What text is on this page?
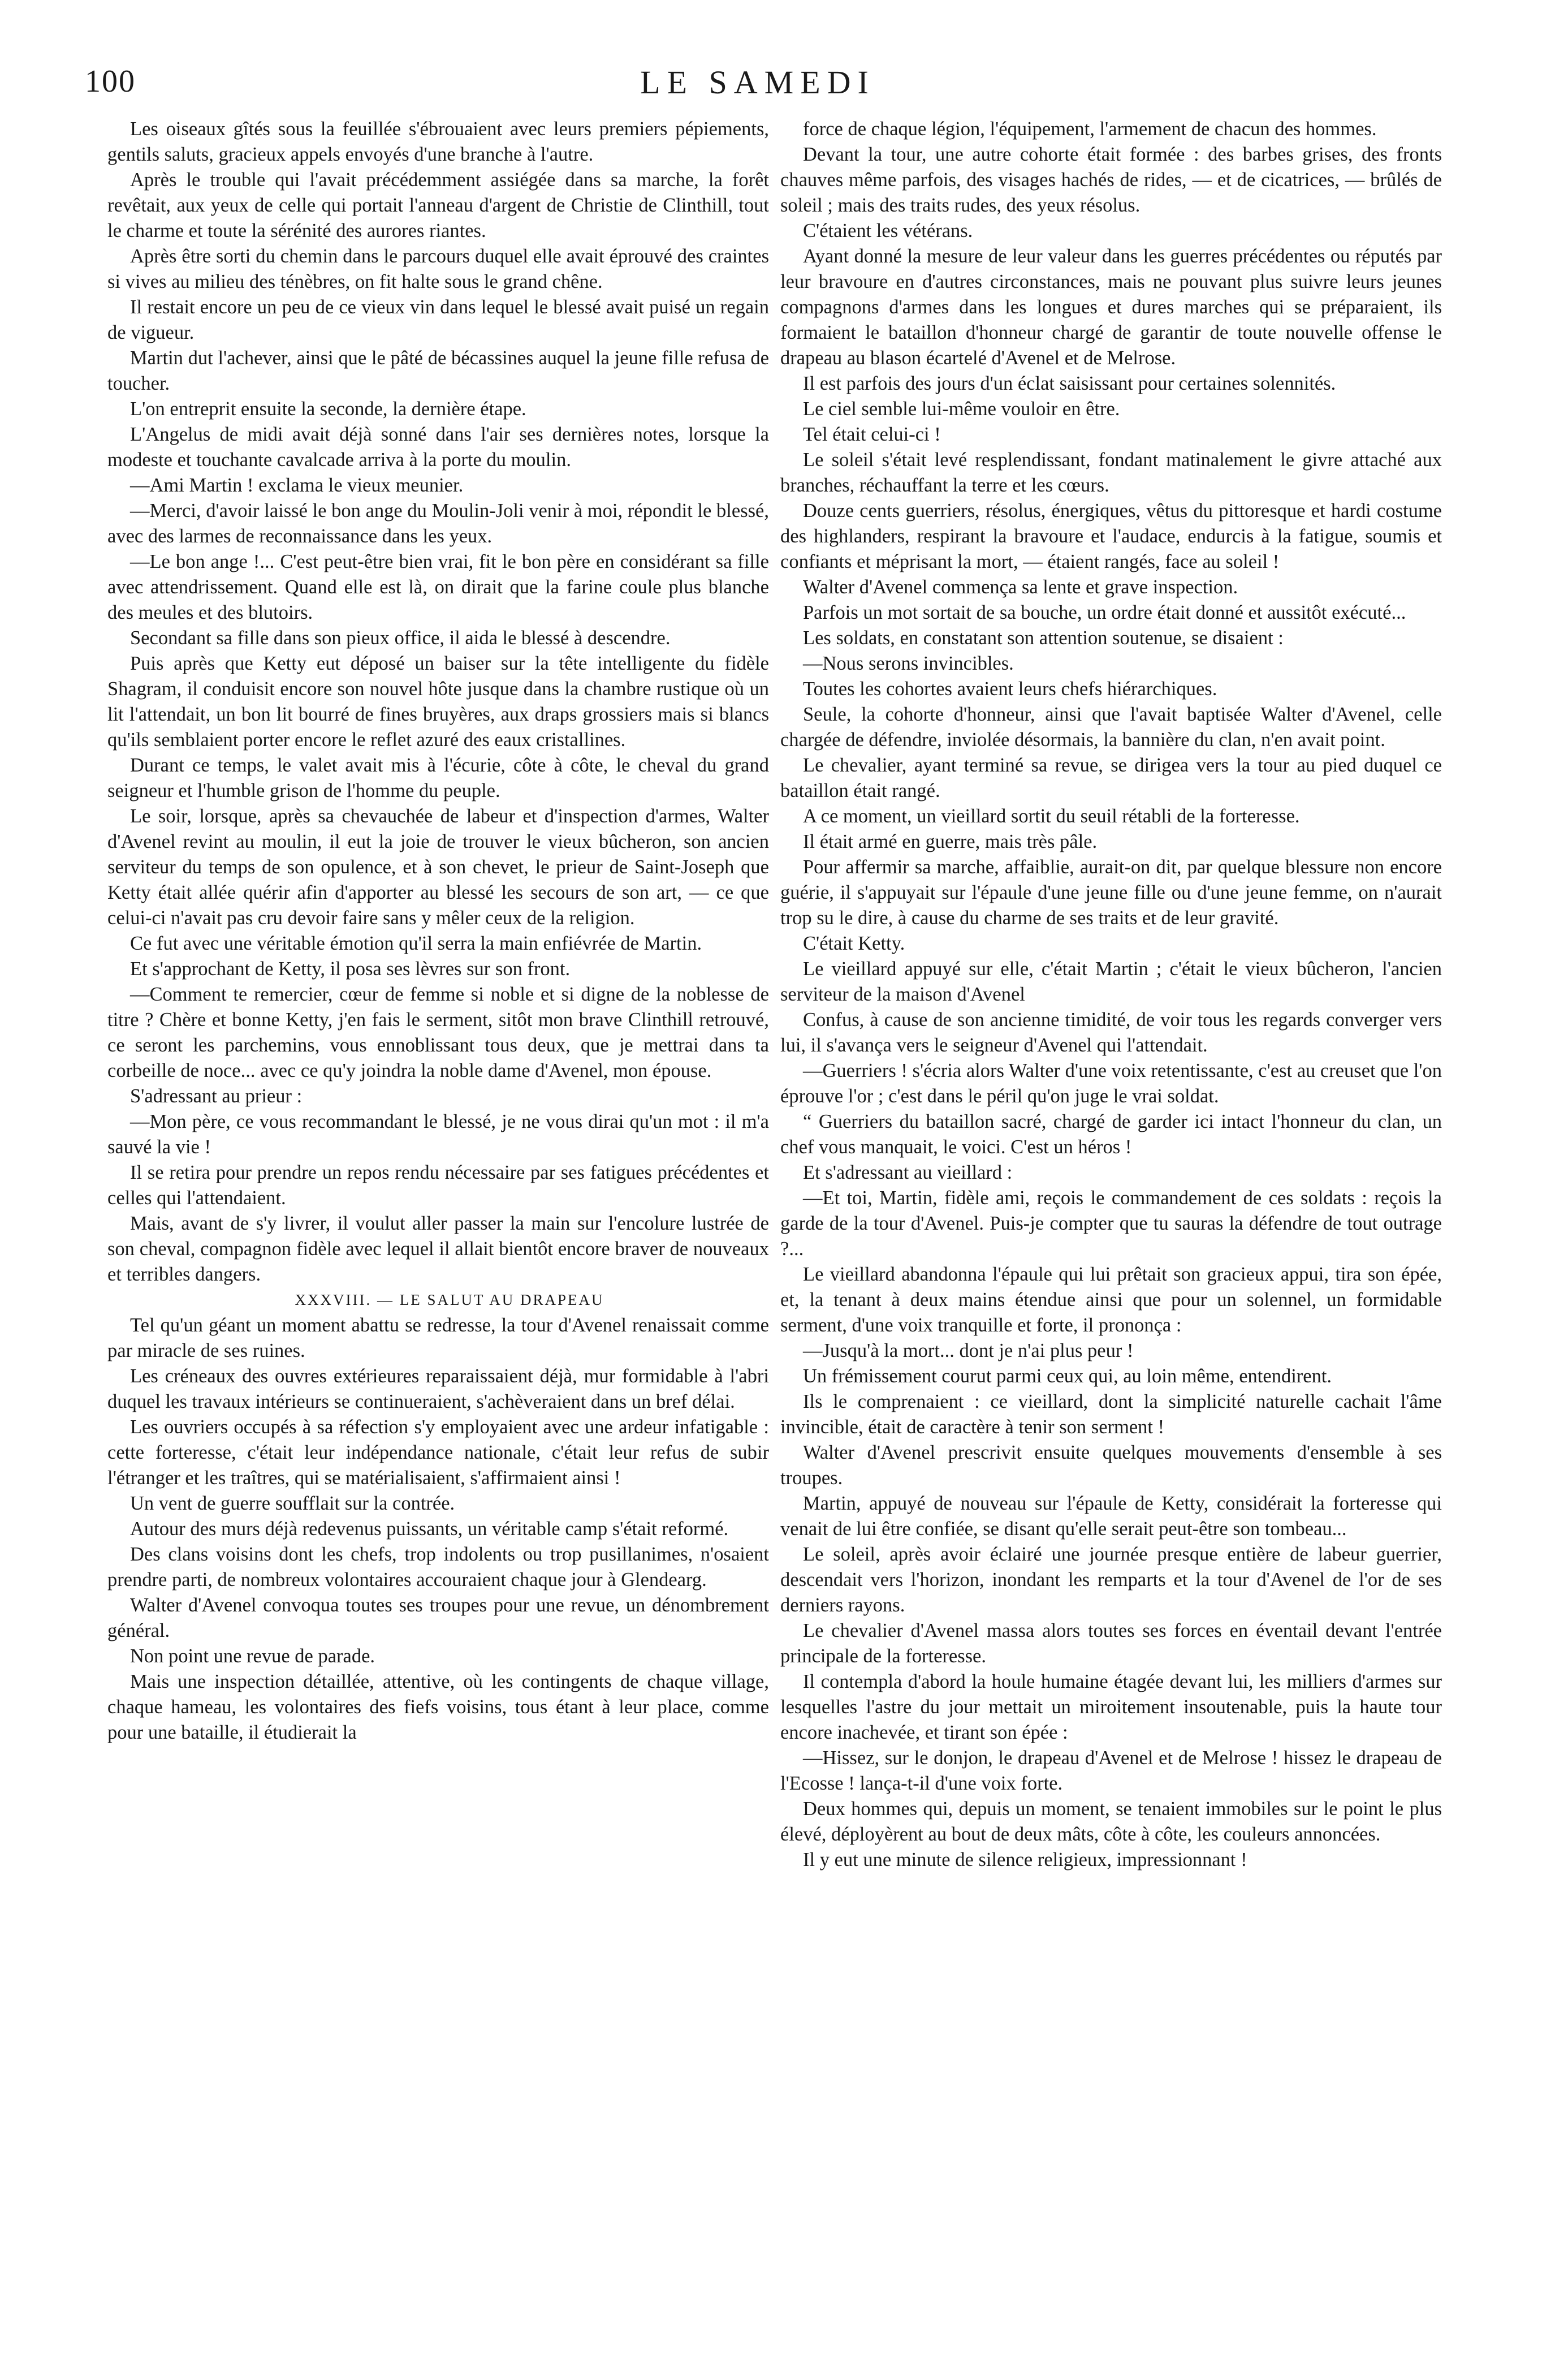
100	LE SAMEDI

Les oiseaux gîtés sous la feuillée s'ébrouaient avec leurs premiers pépiements, gentils saluts, gracieux appels envoyés d'une branche à l'autre.

Après le trouble qui l'avait précédemment assiégée dans sa marche, la forêt revêtait, aux yeux de celle qui portait l'anneau d'argent de Christie de Clinthill, tout le charme et toute la sérénité des aurores riantes.

Après être sorti du chemin dans le parcours duquel elle avait éprouvé des craintes si vives au milieu des ténèbres, on fit halte sous le grand chêne.

Il restait encore un peu de ce vieux vin dans lequel le blessé avait puisé un regain de vigueur.

Martin dut l'achever, ainsi que le pâté de bécassines auquel la jeune fille refusa de toucher.

L'on entreprit ensuite la seconde, la dernière étape.

L'Angelus de midi avait déjà sonné dans l'air ses dernières notes, lorsque la modeste et touchante cavalcade arriva à la porte du moulin.

—Ami Martin ! exclama le vieux meunier.

—Merci, d'avoir laissé le bon ange du Moulin-Joli venir à moi, répondit le blessé, avec des larmes de reconnaissance dans les yeux.

—Le bon ange !... C'est peut-être bien vrai, fit le bon père en considérant sa fille avec attendrissement. Quand elle est là, on dirait que la farine coule plus blanche des meules et des blutoirs.

Secondant sa fille dans son pieux office, il aida le blessé à descendre.

Puis après que Ketty eut déposé un baiser sur la tête intelligente du fidèle Shagram, il conduisit encore son nouvel hôte jusque dans la chambre rustique où un lit l'attendait, un bon lit bourré de fines bruyères, aux draps grossiers mais si blancs qu'ils semblaient porter encore le reflet azuré des eaux cristallines.

Durant ce temps, le valet avait mis à l'écurie, côte à côte, le cheval du grand seigneur et l'humble grison de l'homme du peuple.

Le soir, lorsque, après sa chevauchée de labeur et d'inspection d'armes, Walter d'Avenel revint au moulin, il eut la joie de trouver le vieux bûcheron, son ancien serviteur du temps de son opulence, et à son chevet, le prieur de Saint-Joseph que Ketty était allée quérir afin d'apporter au blessé les secours de son art, — ce que celui-ci n'avait pas cru devoir faire sans y mêler ceux de la religion.

Ce fut avec une véritable émotion qu'il serra la main enfiévrée de Martin.

Et s'approchant de Ketty, il posa ses lèvres sur son front.

—Comment te remercier, cœur de femme si noble et si digne de la noblesse de titre ? Chère et bonne Ketty, j'en fais le serment, sitôt mon brave Clinthill retrouvé, ce seront les parchemins, vous ennoblissant tous deux, que je mettrai dans ta corbeille de noce... avec ce qu'y joindra la noble dame d'Avenel, mon épouse.

S'adressant au prieur :

—Mon père, ce vous recommandant le blessé, je ne vous dirai qu'un mot : il m'a sauvé la vie !

Il se retira pour prendre un repos rendu nécessaire par ses fatigues précédentes et celles qui l'attendaient.

Mais, avant de s'y livrer, il voulut aller passer la main sur l'encolure lustrée de son cheval, compagnon fidèle avec lequel il allait bientôt encore braver de nouveaux et terribles dangers.

XXXVIII. — LE SALUT AU DRAPEAU

Tel qu'un géant un moment abattu se redresse, la tour d'Avenel renaissait comme par miracle de ses ruines.

Les créneaux des ouvres extérieures reparaissaient déjà, mur formidable à l'abri duquel les travaux intérieurs se continueraient, s'achèveraient dans un bref délai.

Les ouvriers occupés à sa réfection s'y employaient avec une ardeur infatigable : cette forteresse, c'était leur indépendance nationale, c'était leur refus de subir l'étranger et les traîtres, qui se matérialisaient, s'affirmaient ainsi !

Un vent de guerre soufflait sur la contrée.

Autour des murs déjà redevenus puissants, un véritable camp s'était reformé.

Des clans voisins dont les chefs, trop indolents ou trop pusillanimes, n'osaient prendre parti, de nombreux volontaires accouraient chaque jour à Glendearg.

Walter d'Avenel convoqua toutes ses troupes pour une revue, un dénombrement général.

Non point une revue de parade.

Mais une inspection détaillée, attentive, où les contingents de chaque village, chaque hameau, les volontaires des fiefs voisins, tous étant à leur place, comme pour une bataille, il étudierait la

force de chaque légion, l'équipement, l'armement de chacun des hommes.

Devant la tour, une autre cohorte était formée : des barbes grises, des fronts chauves même parfois, des visages hachés de rides, — et de cicatrices, — brûlés de soleil ; mais des traits rudes, des yeux résolus.

C'étaient les vétérans.

Ayant donné la mesure de leur valeur dans les guerres précédentes ou réputés par leur bravoure en d'autres circonstances, mais ne pouvant plus suivre leurs jeunes compagnons d'armes dans les longues et dures marches qui se préparaient, ils formaient le bataillon d'honneur chargé de garantir de toute nouvelle offense le drapeau au blason écartelé d'Avenel et de Melrose.

Il est parfois des jours d'un éclat saisissant pour certaines solennités.

Le ciel semble lui-même vouloir en être.

Tel était celui-ci !

Le soleil s'était levé resplendissant, fondant matinalement le givre attaché aux branches, réchauffant la terre et les cœurs.

Douze cents guerriers, résolus, énergiques, vêtus du pittoresque et hardi costume des highlanders, respirant la bravoure et l'audace, endurcis à la fatigue, soumis et confiants et méprisant la mort, — étaient rangés, face au soleil !

Walter d'Avenel commença sa lente et grave inspection.

Parfois un mot sortait de sa bouche, un ordre était donné et aussitôt exécuté...

Les soldats, en constatant son attention soutenue, se disaient :

—Nous serons invincibles.

Toutes les cohortes avaient leurs chefs hiérarchiques.

Seule, la cohorte d'honneur, ainsi que l'avait baptisée Walter d'Avenel, celle chargée de défendre, inviolée désormais, la bannière du clan, n'en avait point.

Le chevalier, ayant terminé sa revue, se dirigea vers la tour au pied duquel ce bataillon était rangé.

A ce moment, un vieillard sortit du seuil rétabli de la forteresse.

Il était armé en guerre, mais très pâle.

Pour affermir sa marche, affaiblie, aurait-on dit, par quelque blessure non encore guérie, il s'appuyait sur l'épaule d'une jeune fille ou d'une jeune femme, on n'aurait trop su le dire, à cause du charme de ses traits et de leur gravité.

C'était Ketty.

Le vieillard appuyé sur elle, c'était Martin ; c'était le vieux bûcheron, l'ancien serviteur de la maison d'Avenel

Confus, à cause de son ancienne timidité, de voir tous les regards converger vers lui, il s'avança vers le seigneur d'Avenel qui l'attendait.

—Guerriers ! s'écria alors Walter d'une voix retentissante, c'est au creuset que l'on éprouve l'or ; c'est dans le péril qu'on juge le vrai soldat.

“ Guerriers du bataillon sacré, chargé de garder ici intact l'honneur du clan, un chef vous manquait, le voici. C'est un héros !

Et s'adressant au vieillard :

—Et toi, Martin, fidèle ami, reçois le commandement de ces soldats : reçois la garde de la tour d'Avenel. Puis-je compter que tu sauras la défendre de tout outrage ?...

Le vieillard abandonna l'épaule qui lui prêtait son gracieux appui, tira son épée, et, la tenant à deux mains étendue ainsi que pour un solennel, un formidable serment, d'une voix tranquille et forte, il prononça :

—Jusqu'à la mort... dont je n'ai plus peur !

Un frémissement courut parmi ceux qui, au loin même, entendirent.

Ils le comprenaient : ce vieillard, dont la simplicité naturelle cachait l'âme invincible, était de caractère à tenir son serment !

Walter d'Avenel prescrivit ensuite quelques mouvements d'ensemble à ses troupes.

Martin, appuyé de nouveau sur l'épaule de Ketty, considérait la forteresse qui venait de lui être confiée, se disant qu'elle serait peut-être son tombeau...

Le soleil, après avoir éclairé une journée presque entière de labeur guerrier, descendait vers l'horizon, inondant les remparts et la tour d'Avenel de l'or de ses derniers rayons.

Le chevalier d'Avenel massa alors toutes ses forces en éventail devant l'entrée principale de la forteresse.

Il contempla d'abord la houle humaine étagée devant lui, les milliers d'armes sur lesquelles l'astre du jour mettait un miroitement insoutenable, puis la haute tour encore inachevée, et tirant son épée :

—Hissez, sur le donjon, le drapeau d'Avenel et de Melrose ! hissez le drapeau de l'Ecosse ! lança-t-il d'une voix forte.

Deux hommes qui, depuis un moment, se tenaient immobiles sur le point le plus élevé, déployèrent au bout de deux mâts, côte à côte, les couleurs annoncées.

Il y eut une minute de silence religieux, impressionnant !
